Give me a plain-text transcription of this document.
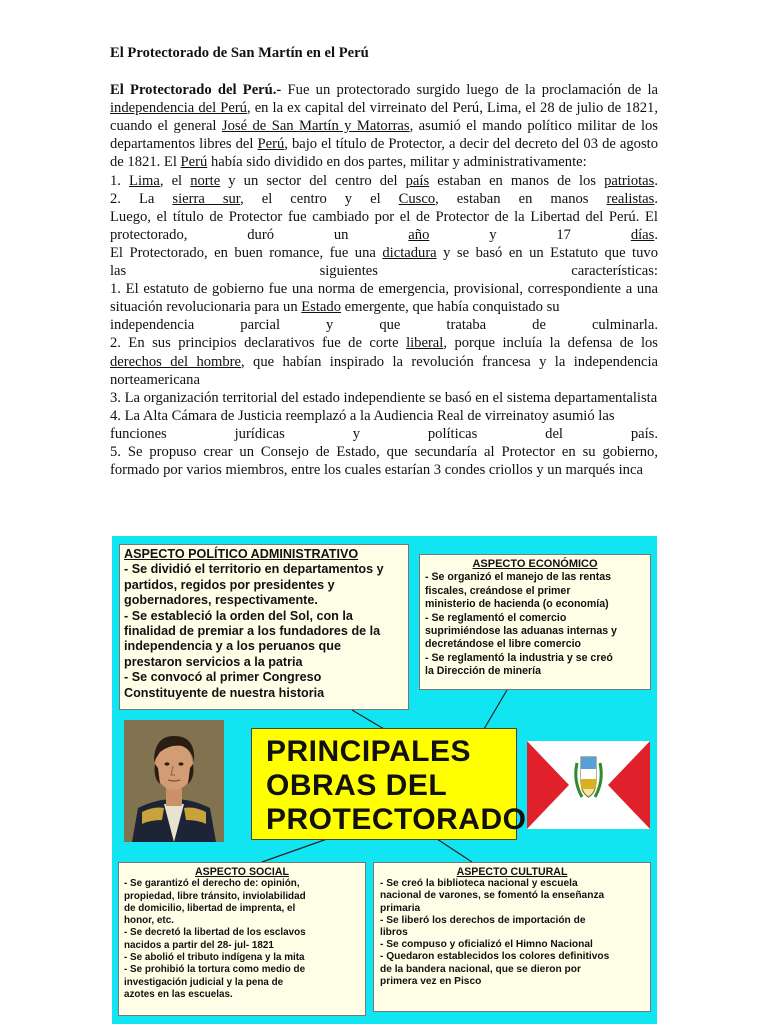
El Protectorado de San Martín en el Perú

El Protectorado del Perú.- Fue un protectorado surgido luego de la proclamación de la independencia del Perú, en la ex capital del virreinato del Perú, Lima, el 28 de julio de 1821, cuando el general José de San Martín y Matorras, asumió el mando político militar de los departamentos libres del Perú, bajo el título de Protector, a decir del decreto del 03 de agosto de 1821. El Perú había sido dividido en dos partes, militar y administrativamente:

1. Lima, el norte y un sector del centro del país estaban en manos de los patriotas.

2. La sierra sur, el centro y el Cusco, estaban en manos realistas.

Luego, el título de Protector fue cambiado por el de Protector de la Libertad del Perú. El

protectorado, duró un año y 17 días.

El Protectorado, en buen romance, fue una dictadura y se basó en un Estatuto que tuvo

las siguientes características:

1. El estatuto de gobierno fue una norma de emergencia, provisional, correspondiente a una situación revolucionaria para un Estado emergente, que había conquistado su

independencia parcial y que trataba de culminarla.

2. En sus principios declarativos fue de corte liberal, porque incluía la defensa de los derechos del hombre, que habían inspirado la revolución francesa y la independencia norteamericana

3. La organización territorial del estado independiente se basó en el sistema departamentalista

4. La Alta Cámara de Justicia reemplazó a la Audiencia Real de virreinatoy asumió las

funciones jurídicas y políticas del país.

5. Se propuso crear un Consejo de Estado, que secundaría al Protector en su gobierno, formado por varios miembros, entre los cuales estarían 3 condes criollos y un marqués inca

ASPECTO POLÍTICO ADMINISTRATIVO
- Se dividió el territorio en departamentos y
partidos, regidos por presidentes y
gobernadores, respectivamente.
- Se estableció la orden del Sol, con la
finalidad de premiar a los fundadores de la
independencia y a los peruanos que
prestaron servicios a la patria
- Se convocó al primer Congreso
Constituyente de nuestra historia
ASPECTO ECONÓMICO
- Se organizó el manejo de las rentas
fiscales, creándose el primer
ministerio de hacienda (o economía)
- Se reglamentó el comercio
suprimiéndose las aduanas internas y
decretándose el libre comercio
- Se reglamentó la industria y se creó
la Dirección de minería
PRINCIPALES
OBRAS DEL
PROTECTORADO
ASPECTO SOCIAL
- Se garantizó el derecho de: opinión,
propiedad, libre tránsito, inviolabilidad
de domicilio, libertad de imprenta, el
honor, etc.
- Se decretó la libertad de los esclavos
nacidos a partir del 28- jul- 1821
- Se abolió el tributo indígena y la mita
- Se prohibió la tortura como medio de
investigación judicial y la pena de
azotes en las escuelas.
ASPECTO CULTURAL
- Se creó la biblioteca nacional y escuela
nacional de varones, se fomentó la enseñanza
primaria
- Se liberó los derechos de importación de
libros
- Se compuso y oficializó el Himno Nacional
- Quedaron establecidos los colores definitivos
de la bandera nacional, que se dieron por
primera vez en Pisco
